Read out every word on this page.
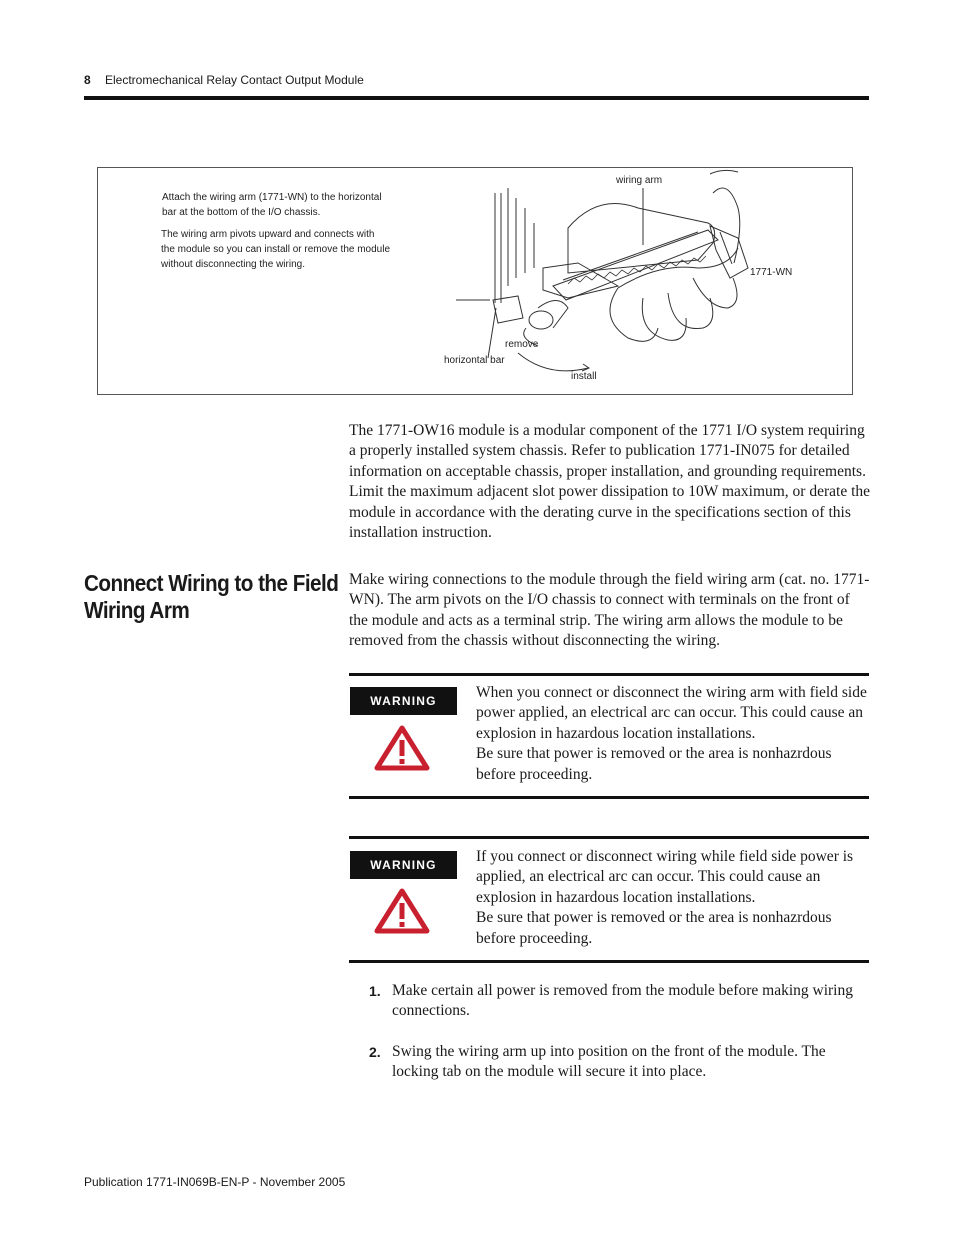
8 Electromechanical Relay Contact Output Module
Attach the wiring arm (1771-WN) to the horizontal bar at the bottom of the I/O chassis.
The wiring arm pivots upward and connects with the module so you can install or remove the module without disconnecting the wiring.
wiring arm
1771-WN
remove
horizontal bar
install
The 1771-OW16 module is a modular component of the 1771 I/O system requiring a properly installed system chassis. Refer to publication 1771-IN075 for detailed information on acceptable chassis, proper installation, and grounding requirements. Limit the maximum adjacent slot power dissipation to 10W maximum, or derate the module in accordance with the derating curve in the specifications section of this installation instruction.
Connect Wiring to the Field Wiring Arm
Make wiring connections to the module through the field wiring arm (cat. no. 1771-WN). The arm pivots on the I/O chassis to connect with terminals on the front of the module and acts as a terminal strip. The wiring arm allows the module to be removed from the chassis without disconnecting the wiring.
WARNING	When you connect or disconnect the wiring arm with field side power applied, an electrical arc can occur. This could cause an explosion in hazardous location installations.
Be sure that power is removed or the area is nonhazrdous before proceeding.
WARNING	If you connect or disconnect wiring while field side power is applied, an electrical arc can occur. This could cause an explosion in hazardous location installations.
Be sure that power is removed or the area is nonhazrdous before proceeding.
1. Make certain all power is removed from the module before making wiring connections.
2. Swing the wiring arm up into position on the front of the module. The locking tab on the module will secure it into place.
Publication 1771-IN069B-EN-P - November 2005
